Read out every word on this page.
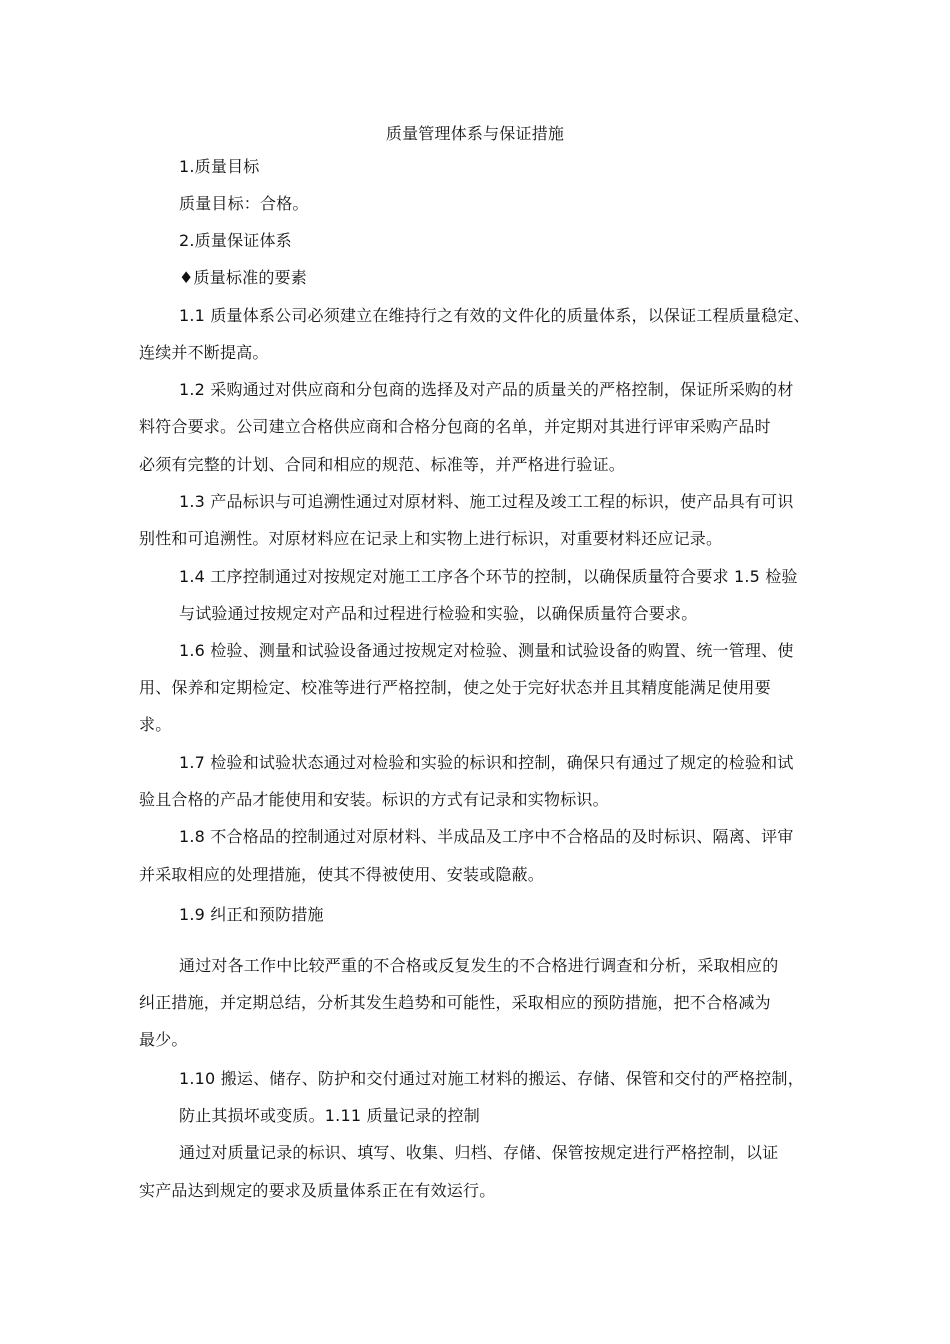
质量管理体系与保证措施
1.质量目标
质量目标：合格。
2.质量保证体系
♦质量标准的要素
1.1 质量体系公司必须建立在维持行之有效的文件化的质量体系，以保证工程质量稳定、
连续并不断提高。
1.2 采购通过对供应商和分包商的选择及对产品的质量关的严格控制，保证所采购的材
料符合要求。公司建立合格供应商和合格分包商的名单，并定期对其进行评审采购产品时
必须有完整的计划、合同和相应的规范、标准等，并严格进行验证。
1.3 产品标识与可追溯性通过对原材料、施工过程及竣工工程的标识，使产品具有可识
别性和可追溯性。对原材料应在记录上和实物上进行标识，对重要材料还应记录。
1.4 工序控制通过对按规定对施工工序各个环节的控制，以确保质量符合要求 1.5 检验
与试验通过按规定对产品和过程进行检验和实验，以确保质量符合要求。
1.6 检验、测量和试验设备通过按规定对检验、测量和试验设备的购置、统一管理、使
用、保养和定期检定、校准等进行严格控制，使之处于完好状态并且其精度能满足使用要
求。
1.7 检验和试验状态通过对检验和实验的标识和控制，确保只有通过了规定的检验和试
验且合格的产品才能使用和安装。标识的方式有记录和实物标识。
1.8 不合格品的控制通过对原材料、半成品及工序中不合格品的及时标识、隔离、评审
并采取相应的处理措施，使其不得被使用、安装或隐蔽。
1.9 纠正和预防措施
通过对各工作中比较严重的不合格或反复发生的不合格进行调查和分析，采取相应的
纠正措施，并定期总结，分析其发生趋势和可能性，采取相应的预防措施，把不合格减为
最少。
1.10 搬运、储存、防护和交付通过对施工材料的搬运、存储、保管和交付的严格控制，
防止其损坏或变质。1.11 质量记录的控制
通过对质量记录的标识、填写、收集、归档、存储、保管按规定进行严格控制，以证
实产品达到规定的要求及质量体系正在有效运行。
